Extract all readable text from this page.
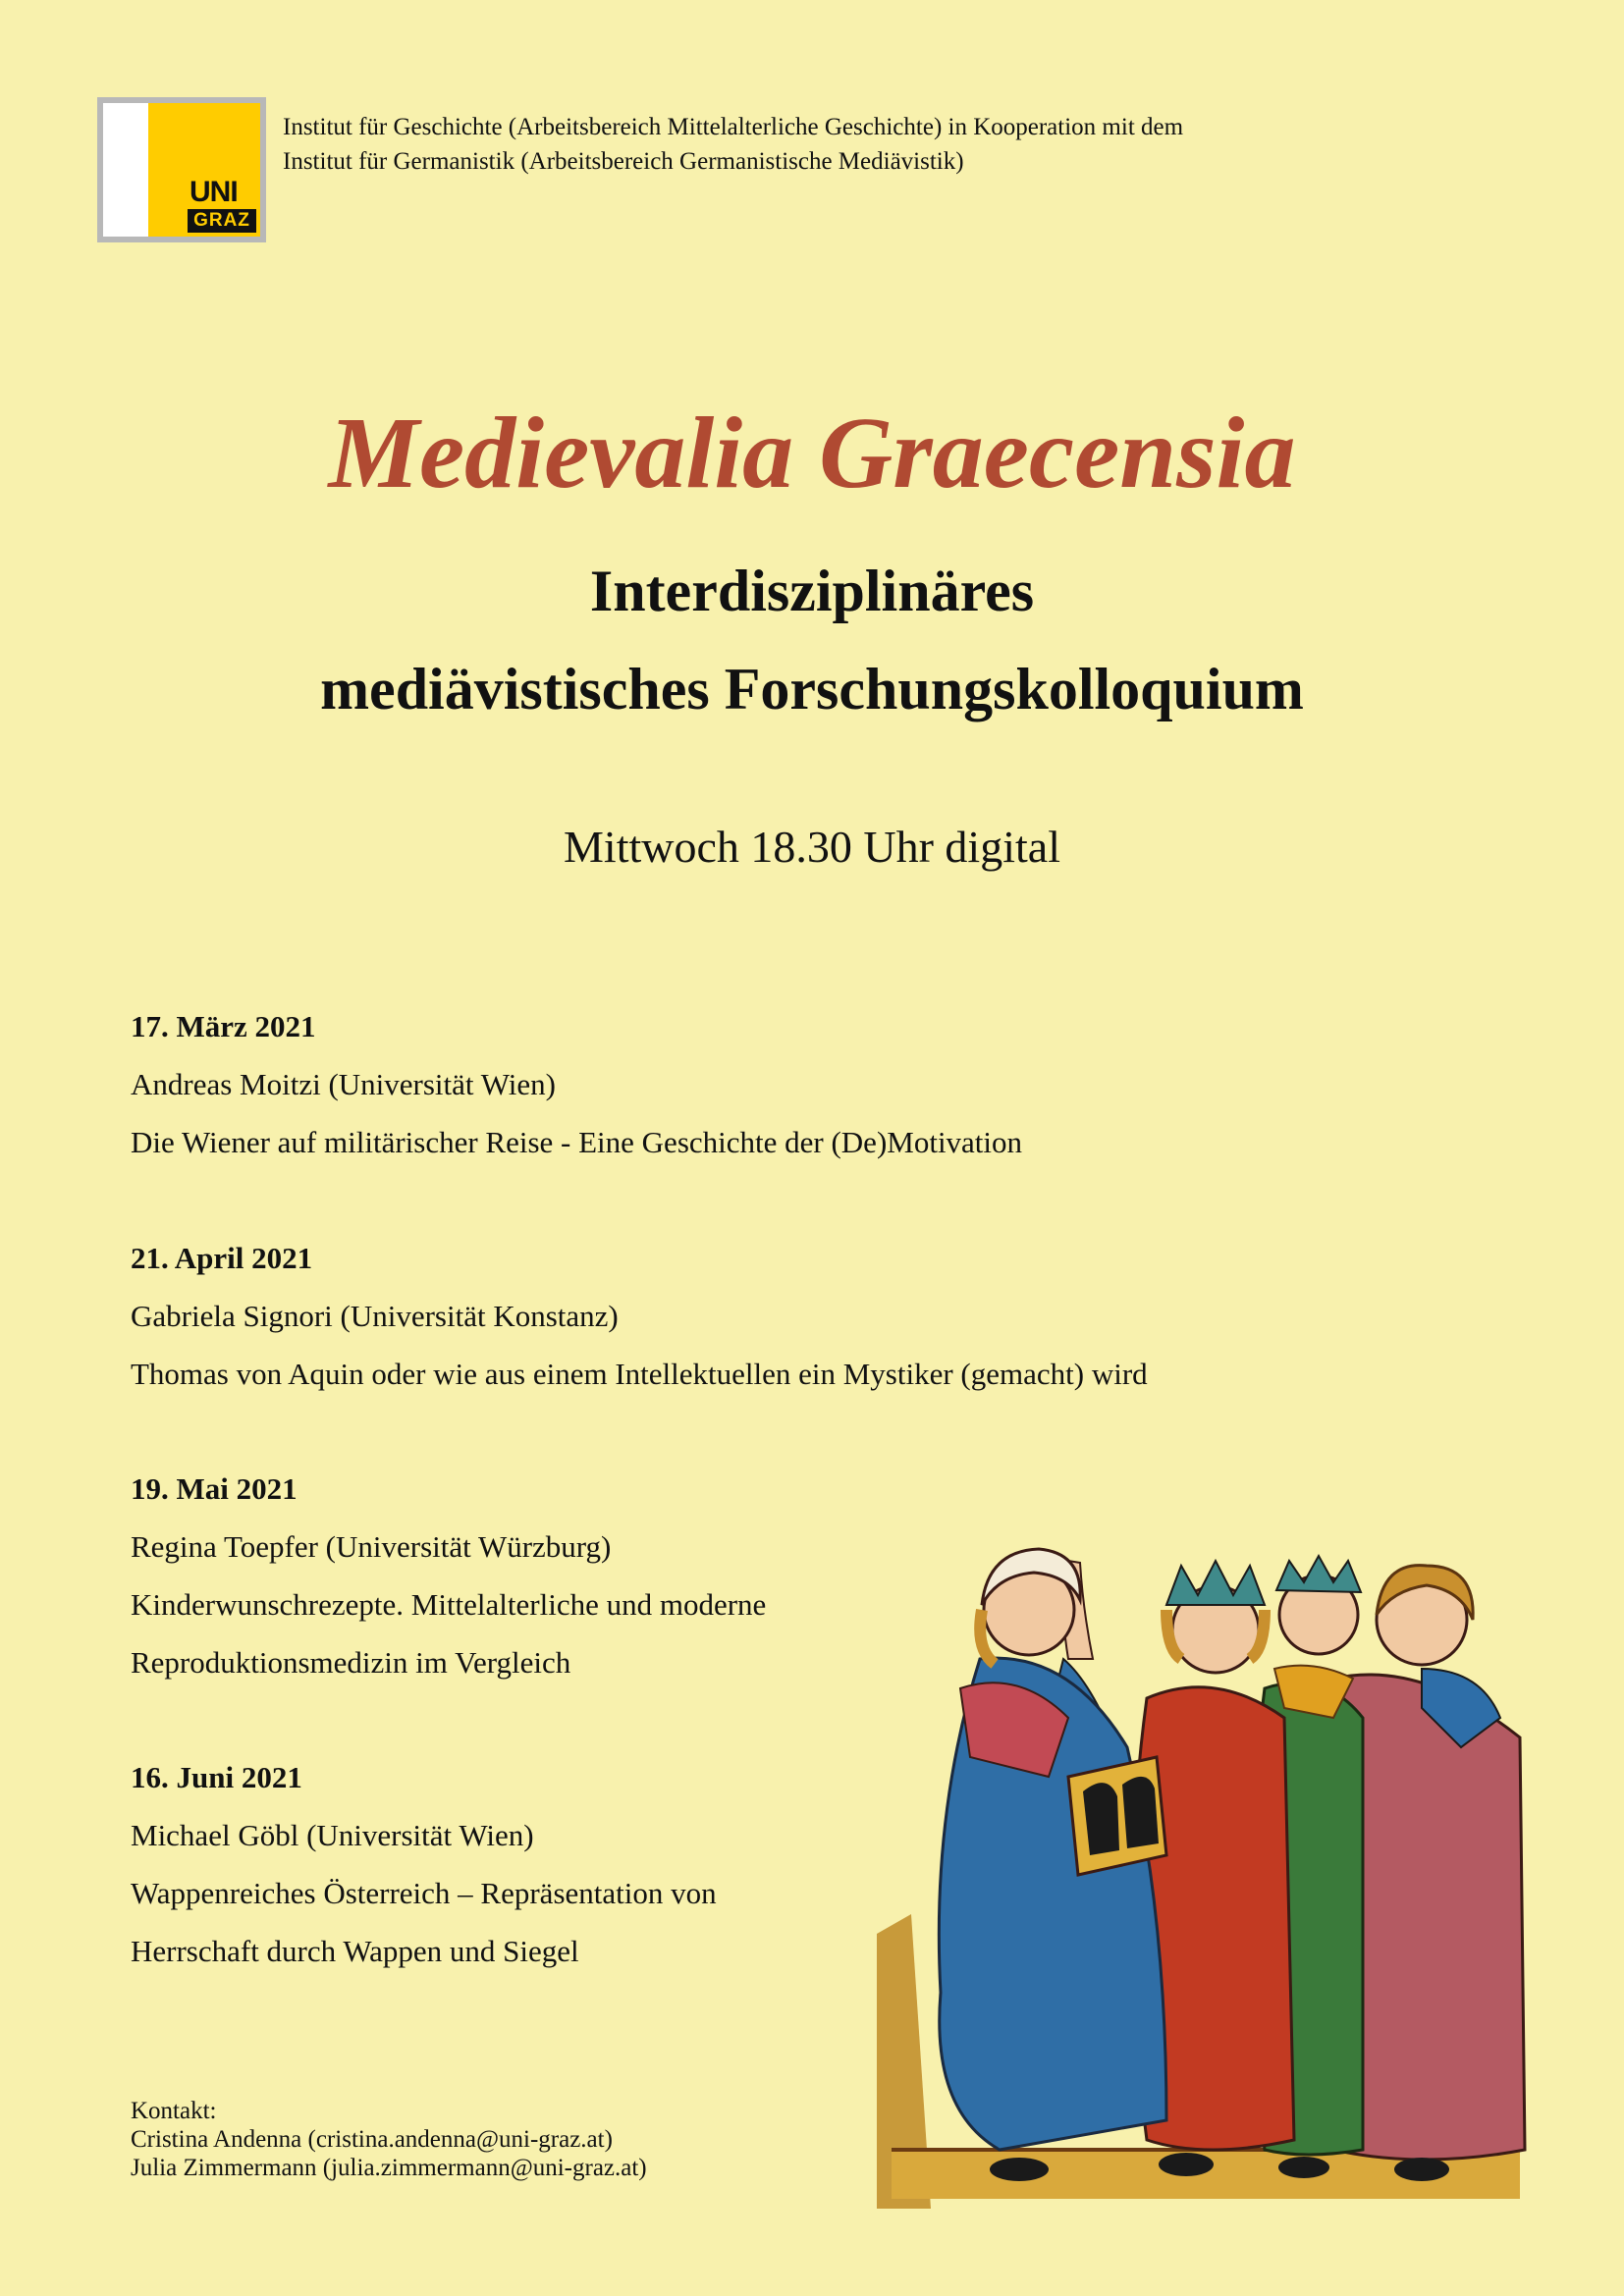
UNI
GRAZ
Institut für Geschichte (Arbeitsbereich Mittelalterliche Geschichte) in Kooperation mit dem
Institut für Germanistik (Arbeitsbereich Germanistische Mediävistik)
Medievalia Graecensia
Interdisziplinäres
mediävistisches Forschungskolloquium
Mittwoch 18.30 Uhr digital
17. März 2021
Andreas Moitzi (Universität Wien)
Die Wiener auf militärischer Reise - Eine Geschichte der (De)Motivation
21. April 2021
Gabriela Signori (Universität Konstanz)
Thomas von Aquin oder wie aus einem Intellektuellen ein Mystiker (gemacht) wird
19. Mai 2021
Regina Toepfer (Universität Würzburg)
Kinderwunschrezepte. Mittelalterliche und moderne
Reproduktionsmedizin im Vergleich
16. Juni 2021
Michael Göbl (Universität Wien)
Wappenreiches Österreich – Repräsentation von
Herrschaft durch Wappen und Siegel
Kontakt:
Cristina Andenna (cristina.andenna@uni-graz.at)
Julia Zimmermann (julia.zimmermann@uni-graz.at)
